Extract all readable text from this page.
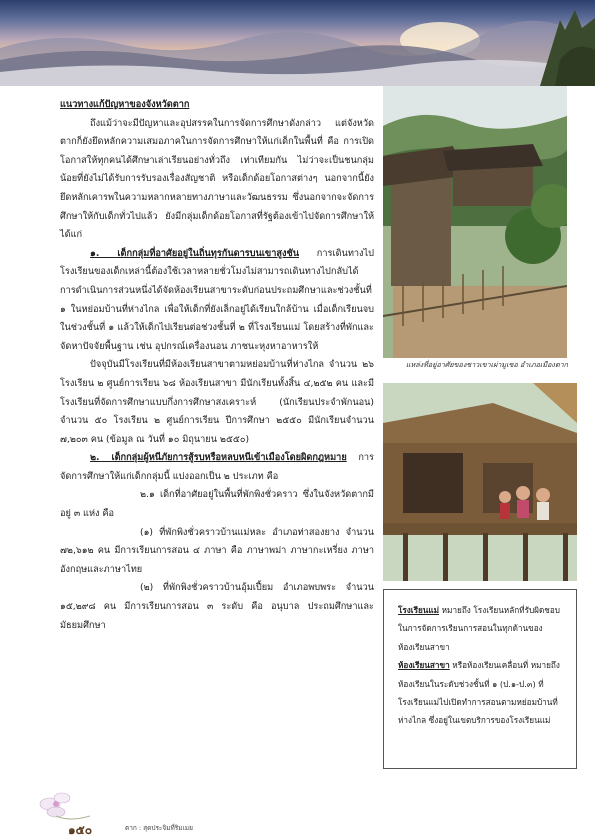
แนวทางแก้ปัญหาของจังหวัดตาก

ถึงแม้ว่าจะมีปัญหาและอุปสรรคในการจัดการศึกษาดังกล่าว แต่จังหวัดตากก็ยังยึดหลักความเสมอภาคในการจัดการศึกษาให้แก่เด็กในพื้นที่ คือ การเปิดโอกาสให้ทุกคนได้ศึกษาเล่าเรียนอย่างทั่วถึง เท่าเทียมกัน ไม่ว่าจะเป็นชนกลุ่มน้อยที่ยังไม่ได้รับการรับรองเรื่องสัญชาติ หรือเด็กด้อยโอกาสต่างๆ นอกจากนี้ยังยึดหลักเคารพในความหลากหลายทางภาษาและวัฒนธรรม ซึ่งนอกจากจะจัดการศึกษาให้กับเด็กทั่วไปแล้ว ยังมีกลุ่มเด็กด้อยโอกาสที่รัฐต้องเข้าไปจัดการศึกษาให้ ได้แก่

๑. เด็กกลุ่มที่อาศัยอยู่ในถิ่นทุรกันดารบนเขาสูงชัน การเดินทางไปโรงเรียนของเด็กเหล่านี้ต้องใช้เวลาหลายชั่วโมงไม่สามารถเดินทางไปกลับได้ การดำเนินการส่วนหนึ่งได้จัดห้องเรียนสาขาระดับก่อนประถมศึกษาและช่วงชั้นที่ ๑ ในหย่อมบ้านที่ห่างไกล เพื่อให้เด็กที่ยังเล็กอยู่ได้เรียนใกล้บ้าน เมื่อเด็กเรียนจบในช่วงชั้นที่ ๑ แล้วให้เด็กไปเรียนต่อช่วงชั้นที่ ๒ ที่โรงเรียนแม่ โดยสร้างที่พักและจัดหาปัจจัยพื้นฐาน เช่น อุปกรณ์เครื่องนอน ภาชนะหุงหาอาหารให้

ปัจจุบันมีโรงเรียนที่มีห้องเรียนสาขาตามหย่อมบ้านที่ห่างไกล จำนวน ๒๖ โรงเรียน ๒ ศูนย์การเรียน ๖๘ ห้องเรียนสาขา มีนักเรียนทั้งสิ้น ๔,๒๕๒ คน และมีโรงเรียนที่จัดการศึกษาแบบกึ่งการศึกษาสงเคราะห์ (นักเรียนประจำพักนอน) จำนวน ๕๐ โรงเรียน ๒ ศูนย์การเรียน ปีการศึกษา ๒๕๕๐ มีนักเรียนจำนวน ๗,๒๐๓ คน (ข้อมูล ณ วันที่ ๑๐ มิถุนายน ๒๕๕๐)

๒. เด็กกลุ่มผู้หนีภัยการสู้รบหรือหลบหนีเข้าเมืองโดยผิดกฎหมาย การจัดการศึกษาให้แก่เด็กกลุ่มนี้ แบ่งออกเป็น ๒ ประเภท คือ

๒.๑ เด็กที่อาศัยอยู่ในพื้นที่พักพิงชั่วคราว ซึ่งในจังหวัดตากมีอยู่ ๓ แห่ง คือ

(๑) ที่พักพิงชั่วคราวบ้านแม่หละ อำเภอท่าสองยาง จำนวน ๗๒,๖๑๒ คน มีการเรียนการสอน ๔ ภาษา คือ ภาษาพม่า ภาษากะเหรี่ยง ภาษาอังกฤษและภาษาไทย

(๒) ที่พักพิงชั่วคราวบ้านอุ้มเปี้ยม อำเภอพบพระ จำนวน ๑๕,๒๙๘ คน มีการเรียนการสอน ๓ ระดับ คือ อนุบาล ประถมศึกษาและมัธยมศึกษา

แหล่งที่อยู่อาศัยของชาวเขาเผ่ามูเซอ อำเภอเมืองตาก

โรงเรียนแม่ หมายถึง โรงเรียนหลักที่รับผิดชอบในการจัดการเรียนการสอนในทุกด้านของห้องเรียนสาขา

ห้องเรียนสาขา หรือห้องเรียนเคลื่อนที่ หมายถึง ห้องเรียนในระดับช่วงชั้นที่ ๑ (ป.๑-ป.๓) ที่โรงเรียนแม่ไปเปิดทำการสอนตามหย่อมบ้านที่ห่างไกล ซึ่งอยู่ในเขตบริการของโรงเรียนแม่

๑๕๐	ตาก : สุดประจิมที่ริมเมย
